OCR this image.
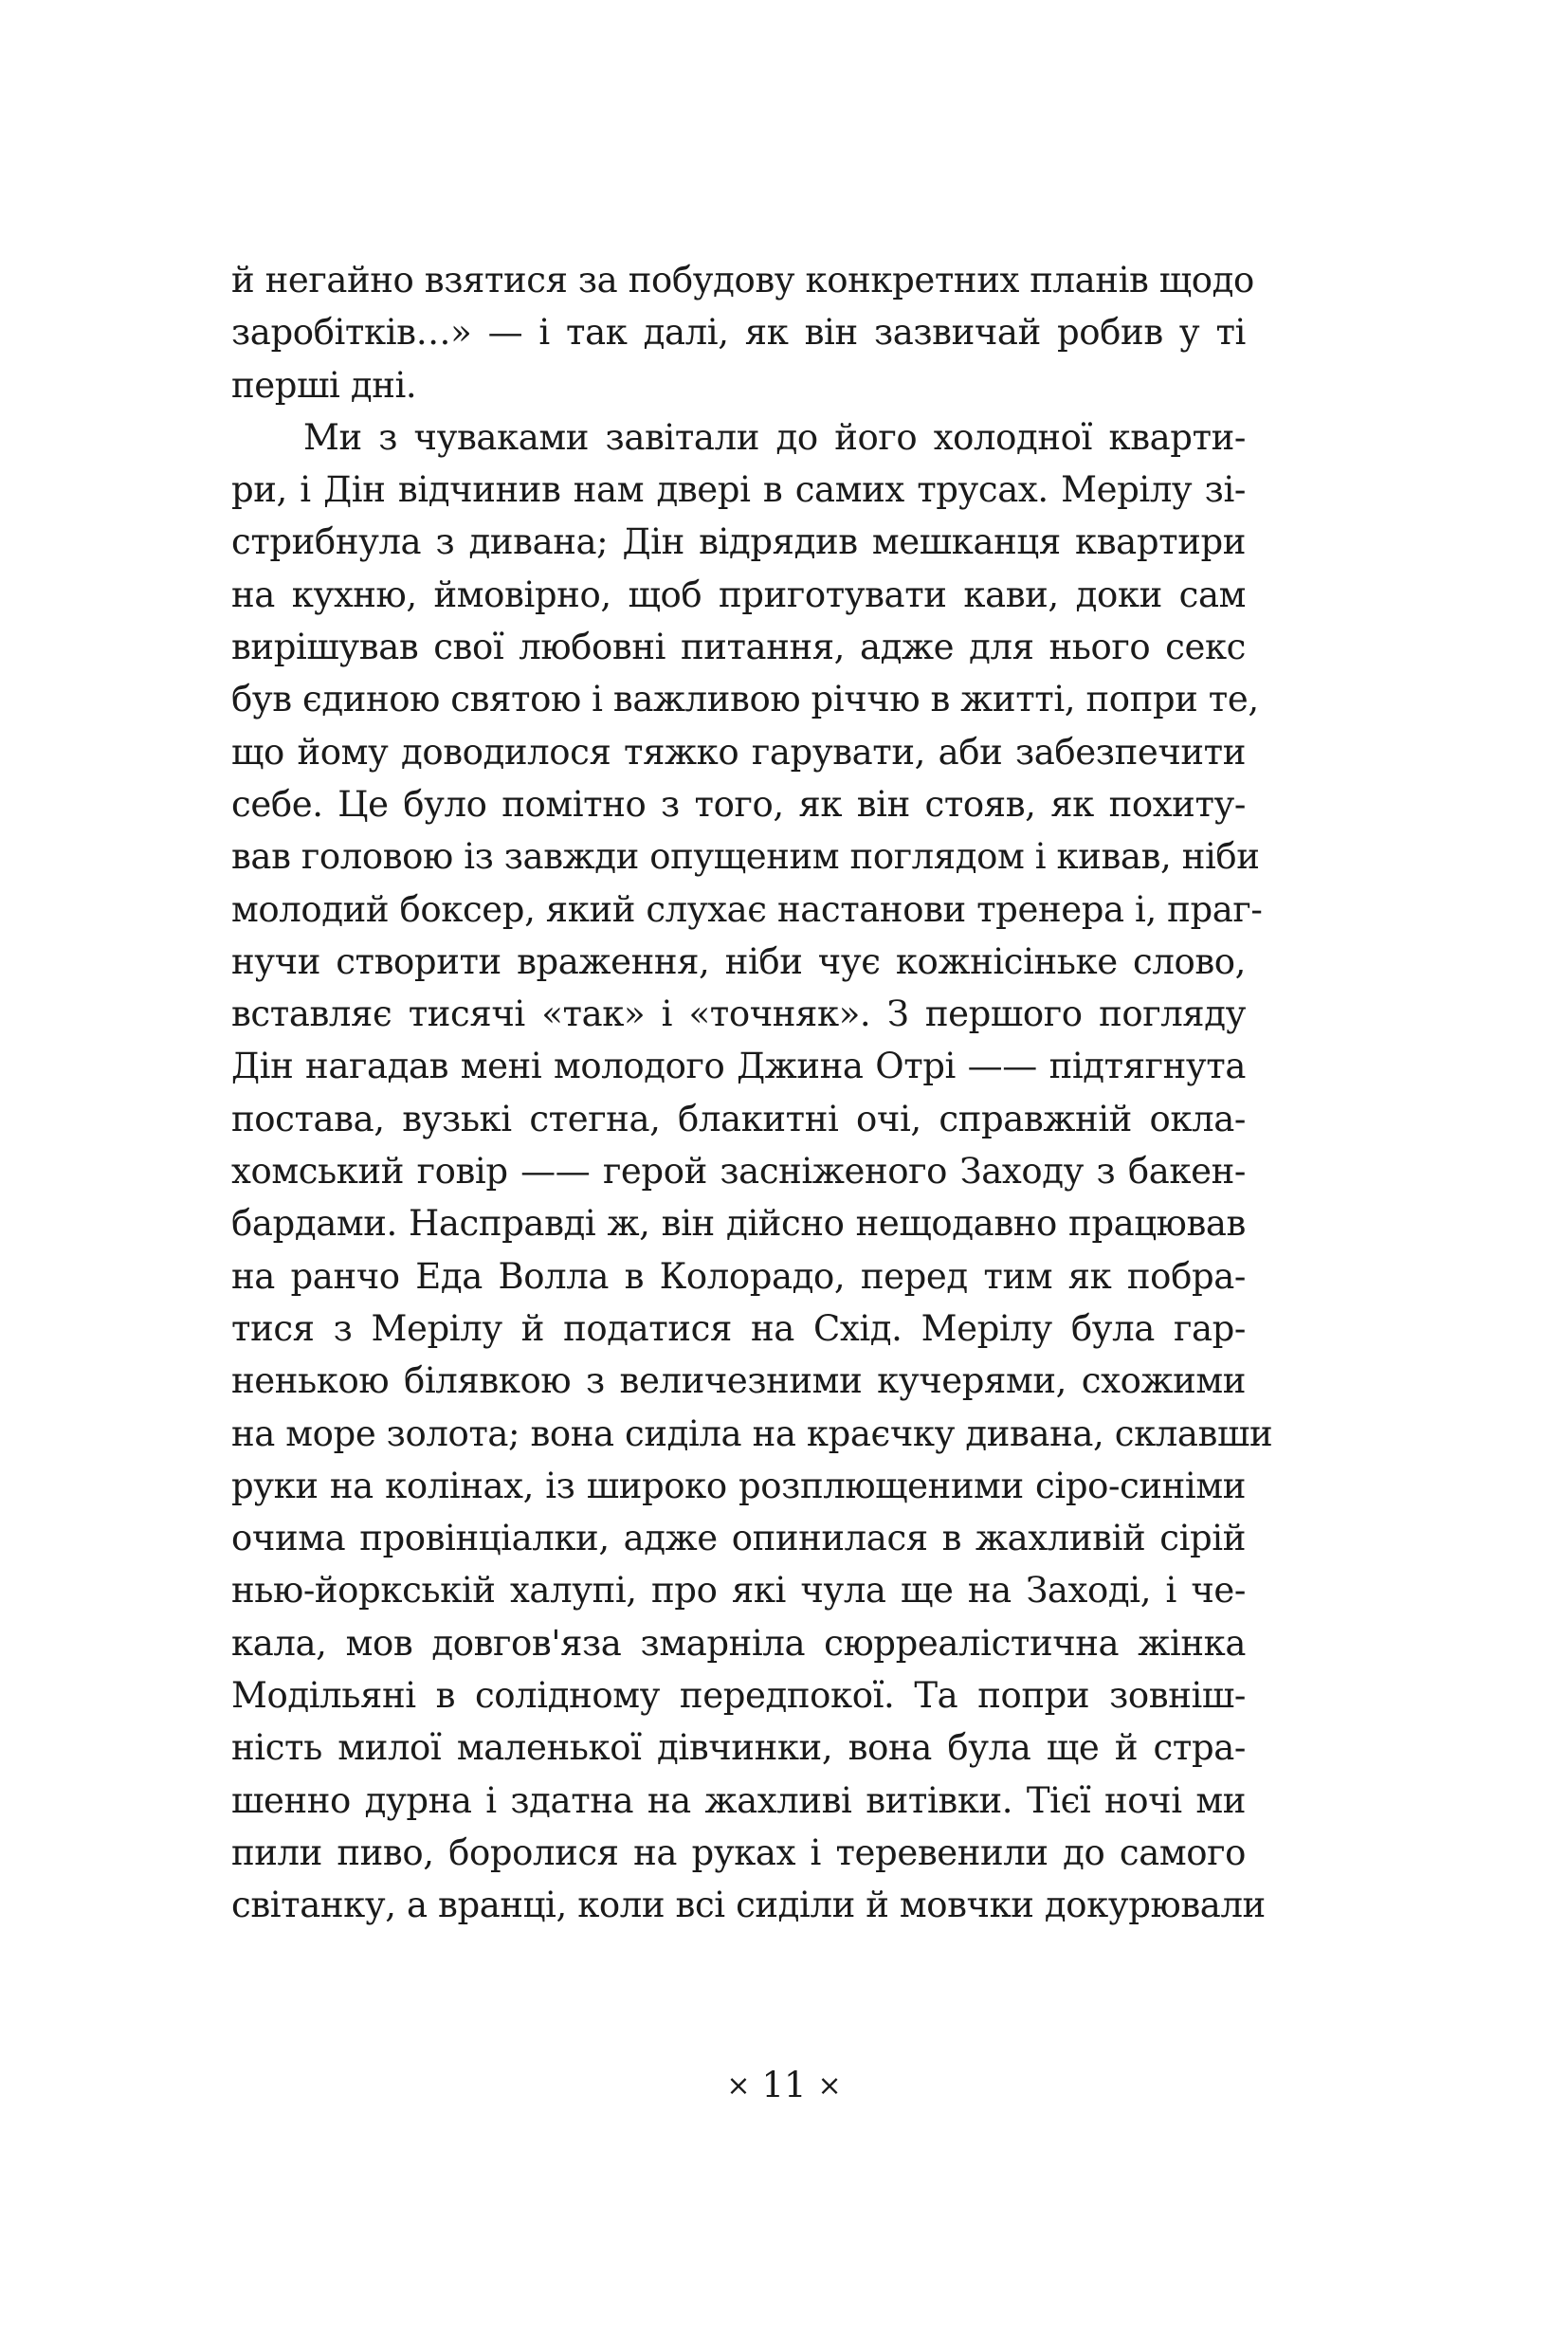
й негайно взятися за побудову конкретних планів щодо
заробітків…» — і так далі, як він зазвичай робив у ті
перші дні.
Ми з чуваками завітали до його холодної кварти-
ри, і Дін відчинив нам двері в самих трусах. Мерілу зі-
стрибнула з дивана; Дін відрядив мешканця квартири
на кухню, ймовірно, щоб приготувати кави, доки сам
вирішував свої любовні питання, адже для нього секс
був єдиною святою і важливою річчю в житті, попри те,
що йому доводилося тяжко гарувати, аби забезпечити
себе. Це було помітно з того, як він стояв, як похиту-
вав головою із завжди опущеним поглядом і кивав, ніби
молодий боксер, який слухає настанови тренера і, праг-
нучи створити враження, ніби чує кожнісіньке слово,
вставляє тисячі «так» і «точняк». З першого погляду
Дін нагадав мені молодого Джина Отрі —— підтягнута
постава, вузькі стегна, блакитні очі, справжній окла-
хомський говір —— герой засніженого Заходу з бакен-
бардами. Насправді ж, він дійсно нещодавно працював
на ранчо Еда Волла в Колорадо, перед тим як побра-
тися з Мерілу й податися на Схід. Мерілу була гар-
ненькою білявкою з величезними кучерями, схожими
на море золота; вона сиділа на краєчку дивана, склавши
руки на колінах, із широко розплющеними сіро-синіми
очима провінціалки, адже опинилася в жахливій сірій
нью-йоркській халупі, про які чула ще на Заході, і че-
кала, мов довгов'яза змарніла сюрреалістична жінка
Модільяні в солідному передпокої. Та попри зовніш-
ність милої маленької дівчинки, вона була ще й стра-
шенно дурна і здатна на жахливі витівки. Тієї ночі ми
пили пиво, боролися на руках і теревенили до самого
світанку, а вранці, коли всі сиділи й мовчки докурювали
× 11 ×
